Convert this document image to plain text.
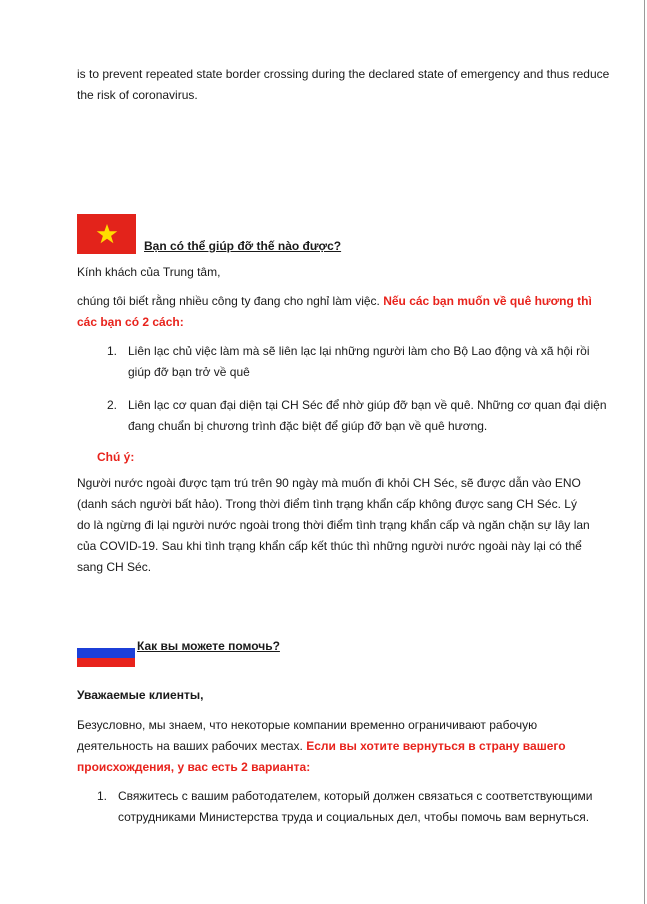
is to prevent repeated state border crossing during the declared state of emergency and thus reduce
the risk of coronavirus.
Bạn có thể giúp đỡ thế nào được?
Kính khách của Trung tâm,
chúng tôi biết rằng nhiều công ty đang cho nghỉ làm việc. Nếu các bạn muốn về quê hương thì
các bạn có 2 cách:
1. Liên lạc chủ việc làm mà sẽ liên lạc lại những người làm cho Bộ Lao động và xã hội rồi
giúp đỡ bạn trở về quê
2. Liên lạc cơ quan đại diện tại CH Séc để nhờ giúp đỡ bạn về quê. Những cơ quan đại diện
đang chuẩn bị chương trình đặc biệt để giúp đỡ bạn về quê hương.
Chú ý:
Người nước ngoài được tạm trú trên 90 ngày mà muốn đi khỏi CH Séc, sẽ được dẫn vào ENO
(danh sách người bất hảo). Trong thời điểm tình trạng khẩn cấp không được sang CH Séc. Lý
do là ngừng đi lại người nước ngoài trong thời điểm tình trạng khẩn cấp và ngăn chặn sự lây lan
của COVID-19. Sau khi tình trạng khẩn cấp kết thúc thì những người nước ngoài này lại có thể
sang CH Séc.
Как вы можете помочь?
Уважаемые клиенты,
Безусловно, мы знаем, что некоторые компании временно ограничивают рабочую
деятельность на ваших рабочих местах. Если вы хотите вернуться в страну вашего
происхождения, у вас есть 2 варианта:
1. Свяжитесь с вашим работодателем, который должен связаться с соответствующими
сотрудниками Министерства труда и социальных дел, чтобы помочь вам вернуться.
